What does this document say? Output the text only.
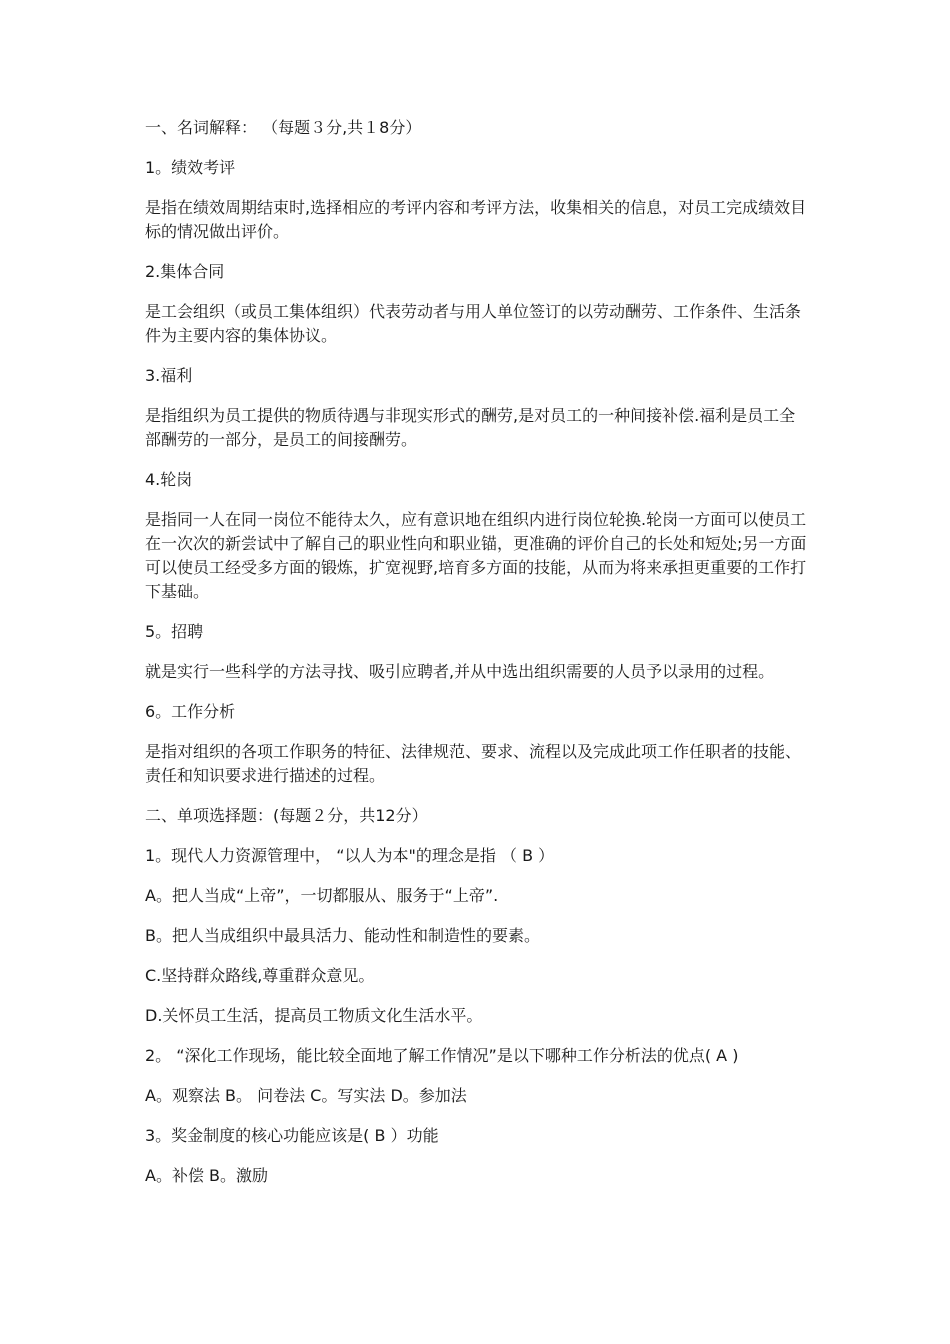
一、名词解释： （每题３分,共１8分）

1。绩效考评

是指在绩效周期结束时,选择相应的考评内容和考评方法，收集相关的信息，对员工完成绩效目标的情况做出评价。

2.集体合同

是工会组织（或员工集体组织）代表劳动者与用人单位签订的以劳动酬劳、工作条件、生活条件为主要内容的集体协议。

3.福利

是指组织为员工提供的物质待遇与非现实形式的酬劳,是对员工的一种间接补偿.福利是员工全部酬劳的一部分，是员工的间接酬劳。

4.轮岗

是指同一人在同一岗位不能待太久，应有意识地在组织内进行岗位轮换.轮岗一方面可以使员工在一次次的新尝试中了解自己的职业性向和职业锚，更准确的评价自己的长处和短处;另一方面可以使员工经受多方面的锻炼，扩宽视野,培育多方面的技能，从而为将来承担更重要的工作打下基础。

5。招聘

就是实行一些科学的方法寻找、吸引应聘者,并从中选出组织需要的人员予以录用的过程。

6。工作分析

是指对组织的各项工作职务的特征、法律规范、要求、流程以及完成此项工作任职者的技能、责任和知识要求进行描述的过程。

二、单项选择题：(每题２分，共12分）

1。现代人力资源管理中， “以人为本"的理念是指 （ B ）

A。把人当成“上帝”，一切都服从、服务于“上帝”.

B。把人当成组织中最具活力、能动性和制造性的要素。

C.坚持群众路线,尊重群众意见。

D.关怀员工生活，提高员工物质文化生活水平。

2。 “深化工作现场，能比较全面地了解工作情况”是以下哪种工作分析法的优点( A )

A。观察法 B。 问卷法 C。写实法 D。参加法

3。奖金制度的核心功能应该是( B ）功能

A。补偿 B。激励
